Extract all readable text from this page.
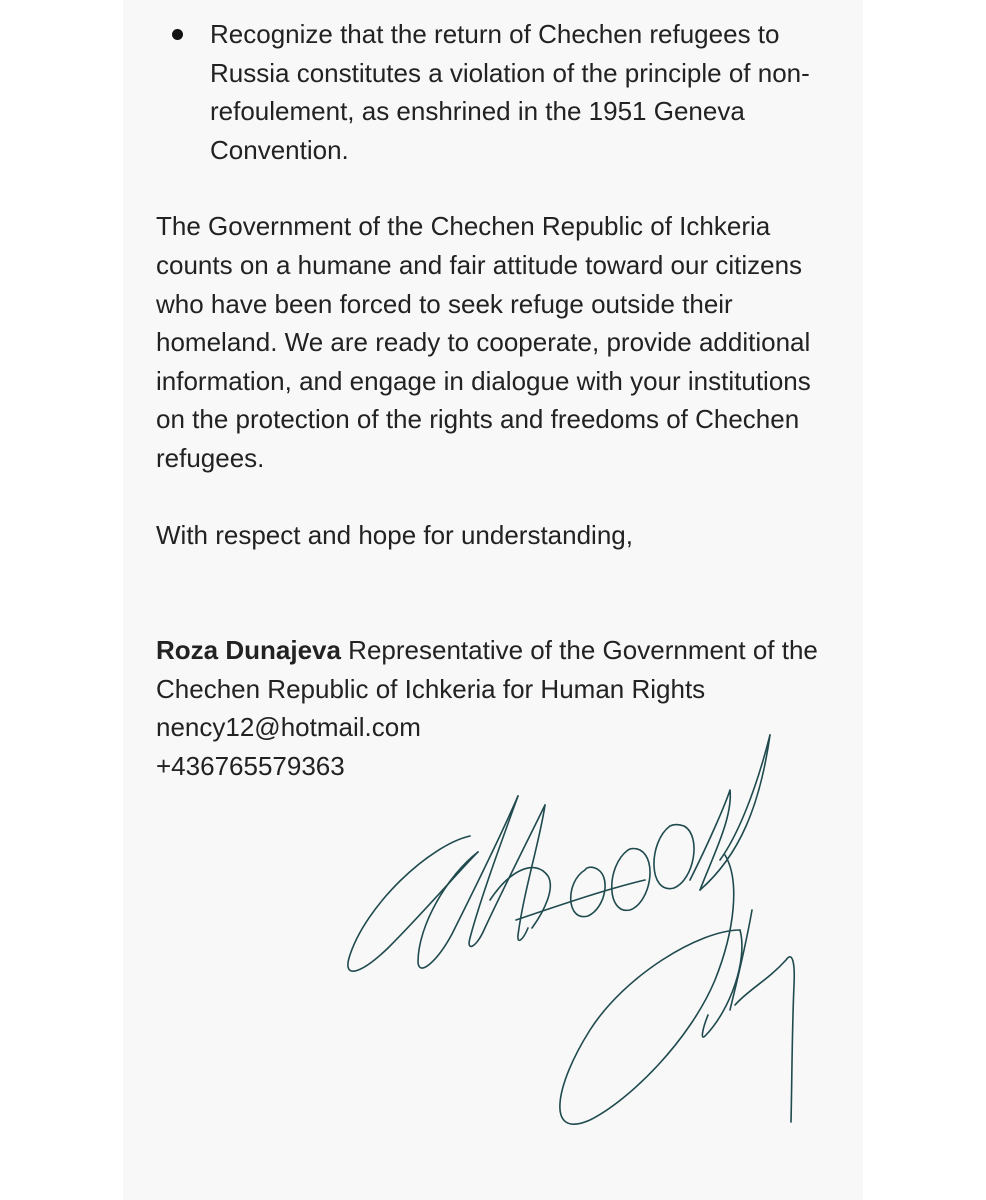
Recognize that the return of Chechen refugees to Russia constitutes a violation of the principle of non-refoulement, as enshrined in the 1951 Geneva Convention.

The Government of the Chechen Republic of Ichkeria counts on a humane and fair attitude toward our citizens who have been forced to seek refuge outside their homeland. We are ready to cooperate, provide additional information, and engage in dialogue with your institutions on the protection of the rights and freedoms of Chechen refugees.

With respect and hope for understanding,

Roza Dunajeva Representative of the Government of the Chechen Republic of Ichkeria for Human Rights

nency12@hotmail.com
+436765579363
